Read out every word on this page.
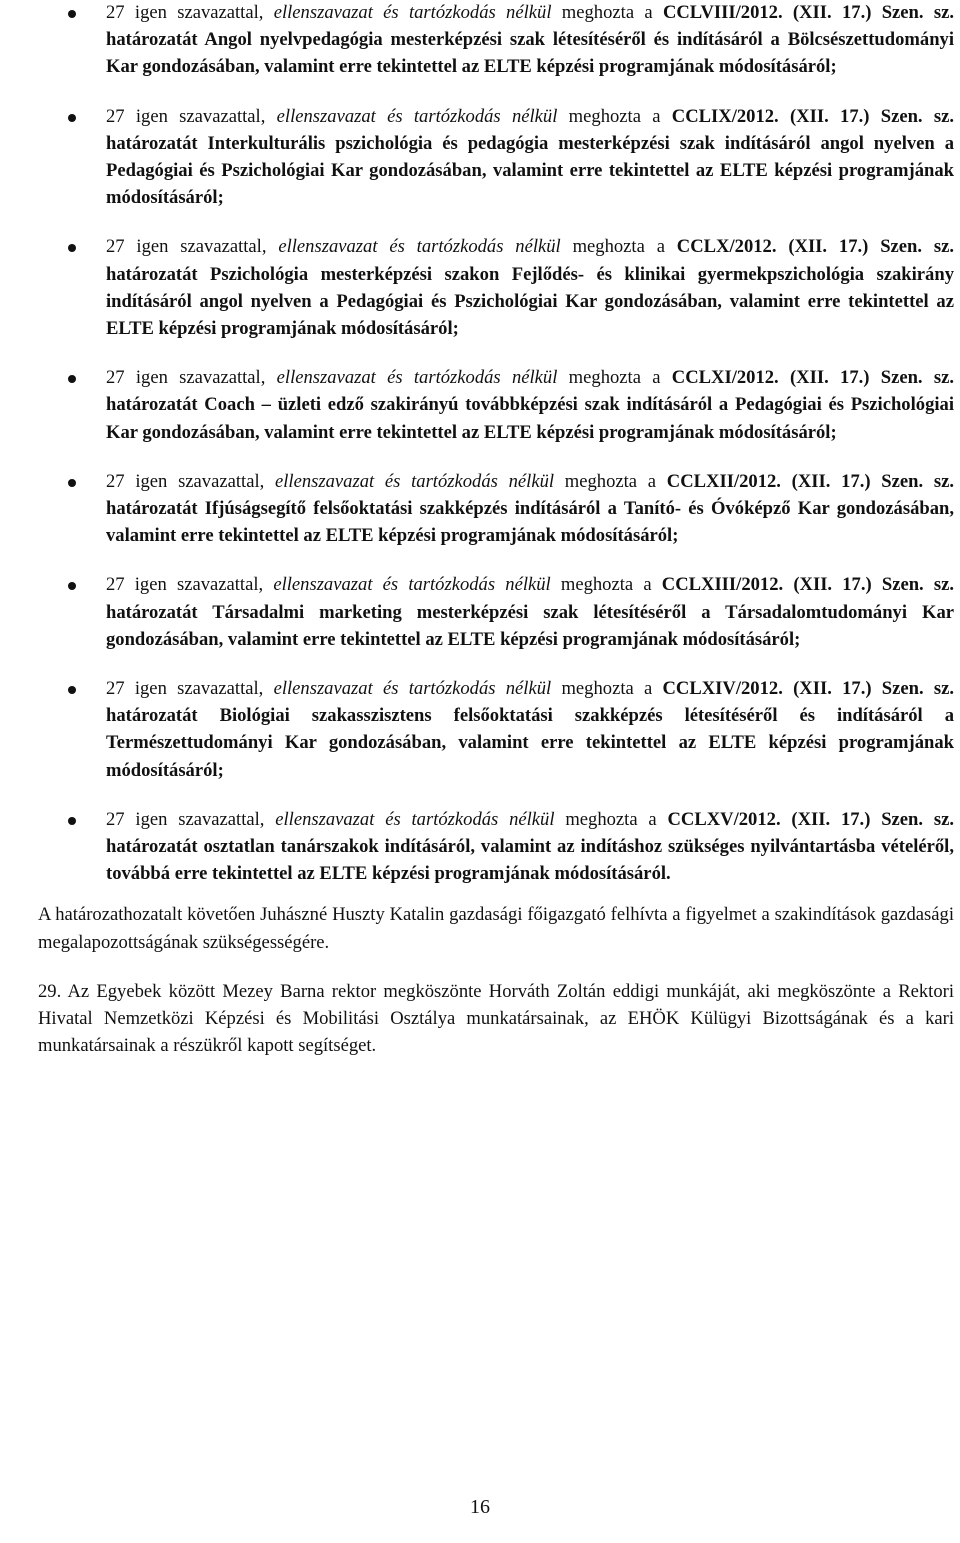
27 igen szavazattal, ellenszavazat és tartózkodás nélkül meghozta a CCLVIII/2012. (XII. 17.) Szen. sz. határozatát Angol nyelvpedagógia mesterképzési szak létesítéséről és indításáról a Bölcsészettudományi Kar gondozásában, valamint erre tekintettel az ELTE képzési programjának módosításáról;
27 igen szavazattal, ellenszavazat és tartózkodás nélkül meghozta a CCLIX/2012. (XII. 17.) Szen. sz. határozatát Interkulturális pszichológia és pedagógia mesterképzési szak indításáról angol nyelven a Pedagógiai és Pszichológiai Kar gondozásában, valamint erre tekintettel az ELTE képzési programjának módosításáról;
27 igen szavazattal, ellenszavazat és tartózkodás nélkül meghozta a CCLX/2012. (XII. 17.) Szen. sz. határozatát Pszichológia mesterképzési szakon Fejlődés- és klinikai gyermekpszichológia szakirány indításáról angol nyelven a Pedagógiai és Pszichológiai Kar gondozásában, valamint erre tekintettel az ELTE képzési programjának módosításáról;
27 igen szavazattal, ellenszavazat és tartózkodás nélkül meghozta a CCLXI/2012. (XII. 17.) Szen. sz. határozatát Coach – üzleti edző szakirányú továbbképzési szak indításáról a Pedagógiai és Pszichológiai Kar gondozásában, valamint erre tekintettel az ELTE képzési programjának módosításáról;
27 igen szavazattal, ellenszavazat és tartózkodás nélkül meghozta a CCLXII/2012. (XII. 17.) Szen. sz. határozatát Ifjúságsegítő felsőoktatási szakképzés indításáról a Tanító- és Óvóképző Kar gondozásában, valamint erre tekintettel az ELTE képzési programjának módosításáról;
27 igen szavazattal, ellenszavazat és tartózkodás nélkül meghozta a CCLXIII/2012. (XII. 17.) Szen. sz. határozatát Társadalmi marketing mesterképzési szak létesítéséről a Társadalomtudományi Kar gondozásában, valamint erre tekintettel az ELTE képzési programjának módosításáról;
27 igen szavazattal, ellenszavazat és tartózkodás nélkül meghozta a CCLXIV/2012. (XII. 17.) Szen. sz. határozatát Biológiai szakasszisztens felsőoktatási szakképzés létesítéséről és indításáról a Természettudományi Kar gondozásában, valamint erre tekintettel az ELTE képzési programjának módosításáról;
27 igen szavazattal, ellenszavazat és tartózkodás nélkül meghozta a CCLXV/2012. (XII. 17.) Szen. sz. határozatát osztatlan tanárszakok indításáról, valamint az indításhoz szükséges nyilvántartásba vételéről, továbbá erre tekintettel az ELTE képzési programjának módosításáról.

A határozathozatalt követően Juhászné Huszty Katalin gazdasági főigazgató felhívta a figyelmet a szakindítások gazdasági megalapozottságának szükségességére.

29. Az Egyebek között Mezey Barna rektor megköszönte Horváth Zoltán eddigi munkáját, aki megköszönte a Rektori Hivatal Nemzetközi Képzési és Mobilitási Osztálya munkatársainak, az EHÖK Külügyi Bizottságának és a kari munkatársainak a részükről kapott segítséget.
16
